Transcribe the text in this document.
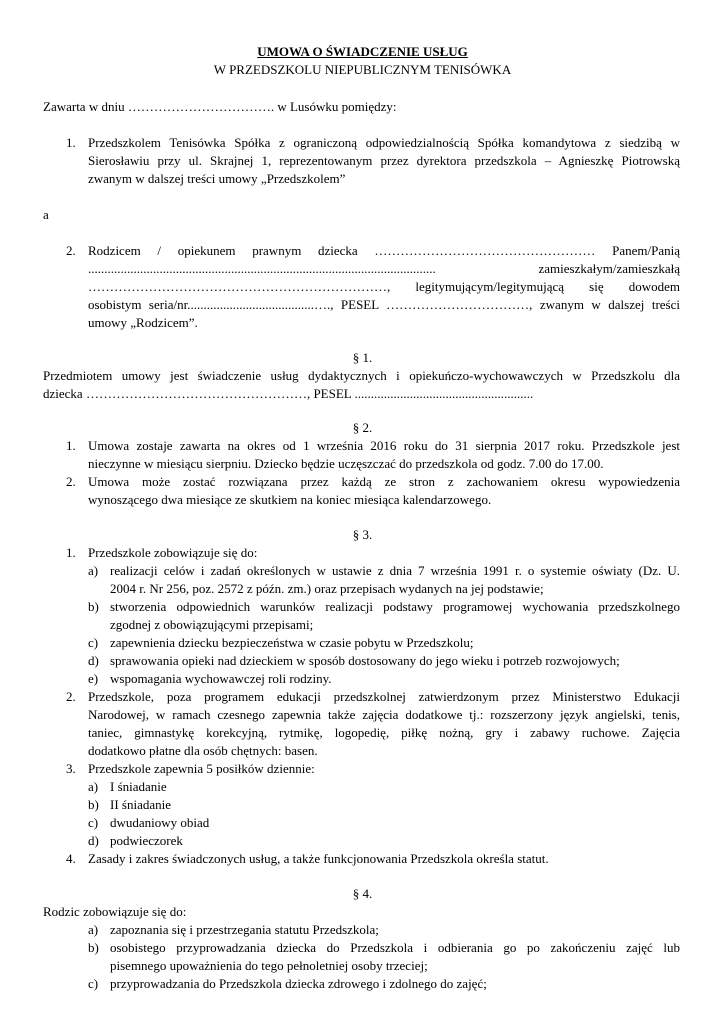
UMOWA O ŚWIADCZENIE USŁUG
W PRZEDSZKOLU NIEPUBLICZNYM TENISÓWKA
Zawarta w dniu ……………………………. w Lusówku pomiędzy:
1. Przedszkolem Tenisówka Spółka z ograniczoną odpowiedzialnością Spółka komandytowa z siedzibą w
Sierosławiu przy ul. Skrajnej 1, reprezentowanym przez dyrektora przedszkola – Agnieszkę Piotrowską
zwanym w dalszej treści umowy „Przedszkolem”
a
2. Rodzicem / opiekunem prawnym dziecka …………………………………………… Panem/Panią
........................................................................................................... zamieszkałym/zamieszkałą
……………………………………………………………, legitymującym/legitymującą się dowodem
osobistym seria/nr.......................................…., PESEL ……………………………, zwanym w dalszej treści
umowy „Rodzicem”.
§ 1.
Przedmiotem umowy jest świadczenie usług dydaktycznych i opiekuńczo-wychowawczych w Przedszkolu dla
dziecka ……………………………………………, PESEL .......................................................
§ 2.
1. Umowa zostaje zawarta na okres od 1 września 2016 roku do 31 sierpnia 2017 roku. Przedszkole jest
nieczynne w miesiącu sierpniu. Dziecko będzie uczęszczać do przedszkola od godz. 7.00 do 17.00.
2. Umowa może zostać rozwiązana przez każdą ze stron z zachowaniem okresu wypowiedzenia
wynoszącego dwa miesiące ze skutkiem na koniec miesiąca kalendarzowego.
§ 3.
1. Przedszkole zobowiązuje się do:
a) realizacji celów i zadań określonych w ustawie z dnia 7 września 1991 r. o systemie oświaty (Dz. U.
2004 r. Nr 256, poz. 2572 z późn. zm.) oraz przepisach wydanych na jej podstawie;
b) stworzenia odpowiednich warunków realizacji podstawy programowej wychowania przedszkolnego
zgodnej z obowiązującymi przepisami;
c) zapewnienia dziecku bezpieczeństwa w czasie pobytu w Przedszkolu;
d) sprawowania opieki nad dzieckiem w sposób dostosowany do jego wieku i potrzeb rozwojowych;
e) wspomagania wychowawczej roli rodziny.
2. Przedszkole, poza programem edukacji przedszkolnej zatwierdzonym przez Ministerstwo Edukacji
Narodowej, w ramach czesnego zapewnia także zajęcia dodatkowe tj.: rozszerzony język angielski, tenis,
taniec, gimnastykę korekcyjną, rytmikę, logopedię, piłkę nożną, gry i zabawy ruchowe. Zajęcia
dodatkowo płatne dla osób chętnych: basen.
3. Przedszkole zapewnia 5 posiłków dziennie:
a) I śniadanie
b) II śniadanie
c) dwudaniowy obiad
d) podwieczorek
4. Zasady i zakres świadczonych usług, a także funkcjonowania Przedszkola określa statut.
§ 4.
Rodzic zobowiązuje się do:
a) zapoznania się i przestrzegania statutu Przedszkola;
b) osobistego przyprowadzania dziecka do Przedszkola i odbierania go po zakończeniu zajęć lub
pisemnego upoważnienia do tego pełnoletniej osoby trzeciej;
c) przyprowadzania do Przedszkola dziecka zdrowego i zdolnego do zajęć;
